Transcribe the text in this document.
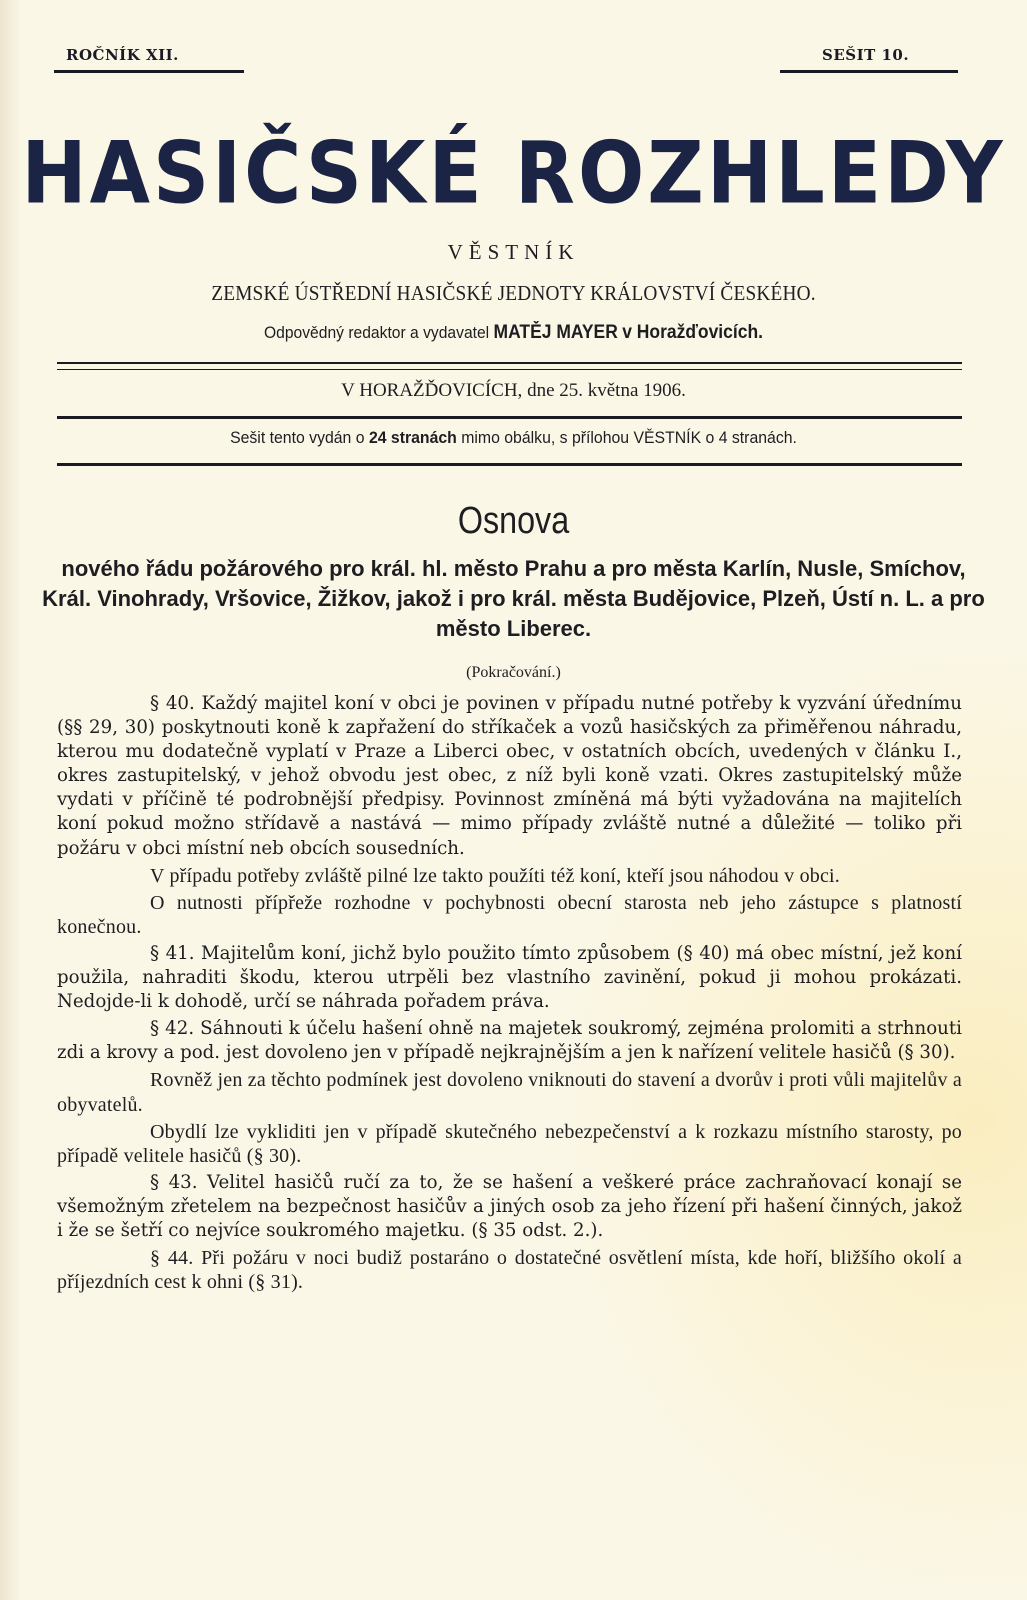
ROČNÍK XII.	SEŠIT 10.
HASIČSKÉ ROZHLEDY
VĚSTNÍK
ZEMSKÉ ÚSTŘEDNÍ HASIČSKÉ JEDNOTY KRÁLOVSTVÍ ČESKÉHO.
Odpovědný redaktor a vydavatel MATĚJ MAYER v Horažďovicích.
V HORAŽĎOVICÍCH, dne 25. května 1906.
Sešit tento vydán o 24 stranách mimo obálku, s přílohou VĚSTNÍK o 4 stranách.
Osnova
nového řádu požárového pro král. hl. město Prahu a pro města Karlín, Nusle, Smíchov, Král. Vinohrady, Vršovice, Žižkov, jakož i pro král. města Budějovice, Plzeň, Ústí n. L. a pro město Liberec.
(Pokračování.)

§ 40. Každý majitel koní v obci je povinen v případu nutné potřeby k vyzvání úřednímu (§§ 29, 30) poskytnouti koně k zapřažení do stříkaček a vozů hasičských za přiměřenou náhradu, kterou mu dodatečně vyplatí v Praze a Liberci obec, v ostatních obcích, uvedených v článku I., okres zastupitelský, v jehož obvodu jest obec, z níž byli koně vzati. Okres zastupitelský může vydati v příčině té podrobnější předpisy. Povinnost zmíněná má býti vyžadována na majitelích koní pokud možno střídavě a nastává — mimo případy zvláště nutné a důležité — toliko při požáru v obci místní neb obcích sousedních.

V případu potřeby zvláště pilné lze takto použíti též koní, kteří jsou náhodou v obci.

O nutnosti přípřeže rozhodne v pochybnosti obecní starosta neb jeho zástupce s platností konečnou.

§ 41. Majitelům koní, jichž bylo použito tímto způsobem (§ 40) má obec místní, jež koní použila, nahraditi škodu, kterou utrpěli bez vlastního zavinění, pokud ji mohou prokázati. Nedojde-li k dohodě, určí se náhrada pořadem práva.

§ 42. Sáhnouti k účelu hašení ohně na majetek soukromý, zejména prolomiti a strhnouti zdi a krovy a pod. jest dovoleno jen v případě nejkrajnějším a jen k nařízení velitele hasičů (§ 30).

Rovněž jen za těchto podmínek jest dovoleno vniknouti do stavení a dvorův i proti vůli majitelův a obyvatelů.

Obydlí lze vykliditi jen v případě skutečného nebezpečenství a k rozkazu místního starosty, po případě velitele hasičů (§ 30).

§ 43. Velitel hasičů ručí za to, že se hašení a veškeré práce zachraňovací konají se všemožným zřetelem na bezpečnost hasičův a jiných osob za jeho řízení při hašení činných, jakož i že se šetří co nejvíce soukromého majetku. (§ 35 odst. 2.).

§ 44. Při požáru v noci budiž postaráno o dostatečné osvětlení místa, kde hoří, bližšího okolí a příjezdních cest k ohni (§ 31).
